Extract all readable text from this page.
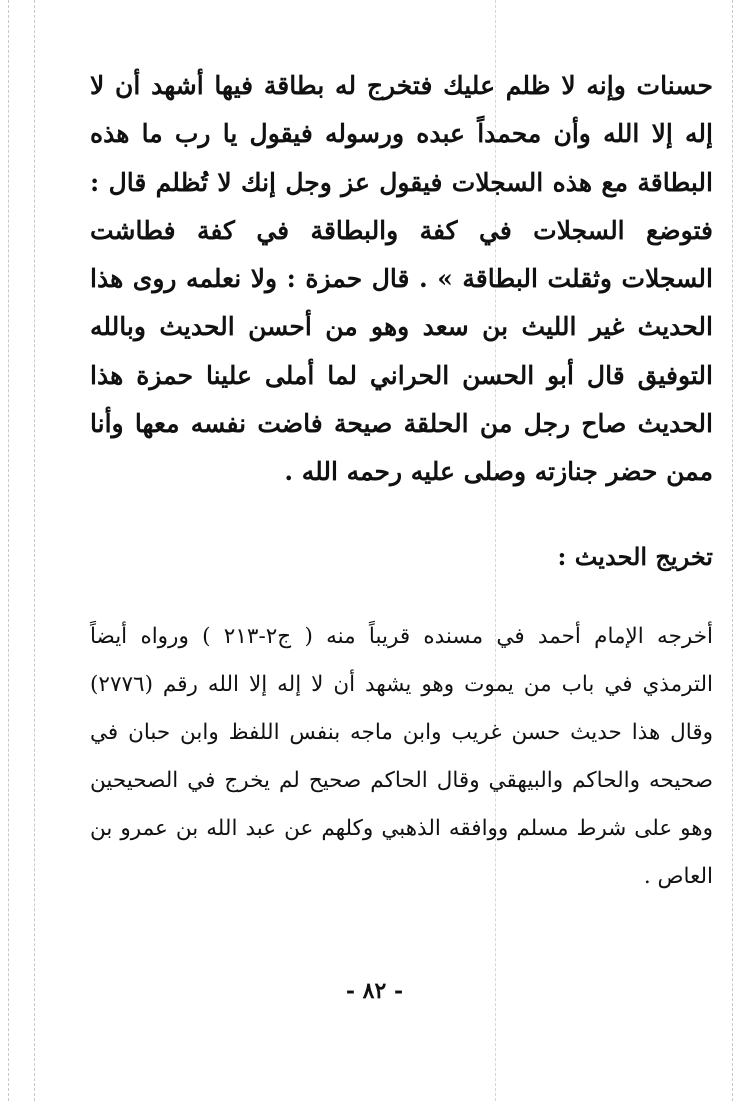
حسنات وإنه لا ظلم عليك فتخرج له بطاقة فيها أشهد أن لا إله إلا الله وأن محمداً عبده ورسوله فيقول يا رب ما هذه البطاقة مع هذه السجلات فيقول عز وجل إنك لا تُظلم قال : فتوضع السجلات في كفة والبطاقة في كفة فطاشت السجلات وثقلت البطاقة » . قال حمزة : ولا نعلمه روى هذا الحديث غير الليث بن سعد وهو من أحسن الحديث وبالله التوفيق قال أبو الحسن الحراني لما أملى علينا حمزة هذا الحديث صاح رجل من الحلقة صيحة فاضت نفسه معها وأنا ممن حضر جنازته وصلى عليه رحمه الله .

تخريج الحديث :

أخرجه الإمام أحمد في مسنده قريباً منه ( ج٢-٢١٣ ) ورواه أيضاً الترمذي في باب من يموت وهو يشهد أن لا إله إلا الله رقم (٢٧٧٦) وقال هذا حديث حسن غريب وابن ماجه بنفس اللفظ وابن حبان في صحيحه والحاكم والبيهقي وقال الحاكم صحيح لم يخرج في الصحيحين وهو على شرط مسلم ووافقه الذهبي وكلهم عن عبد الله بن عمرو بن العاص .

- ٨٢ -
